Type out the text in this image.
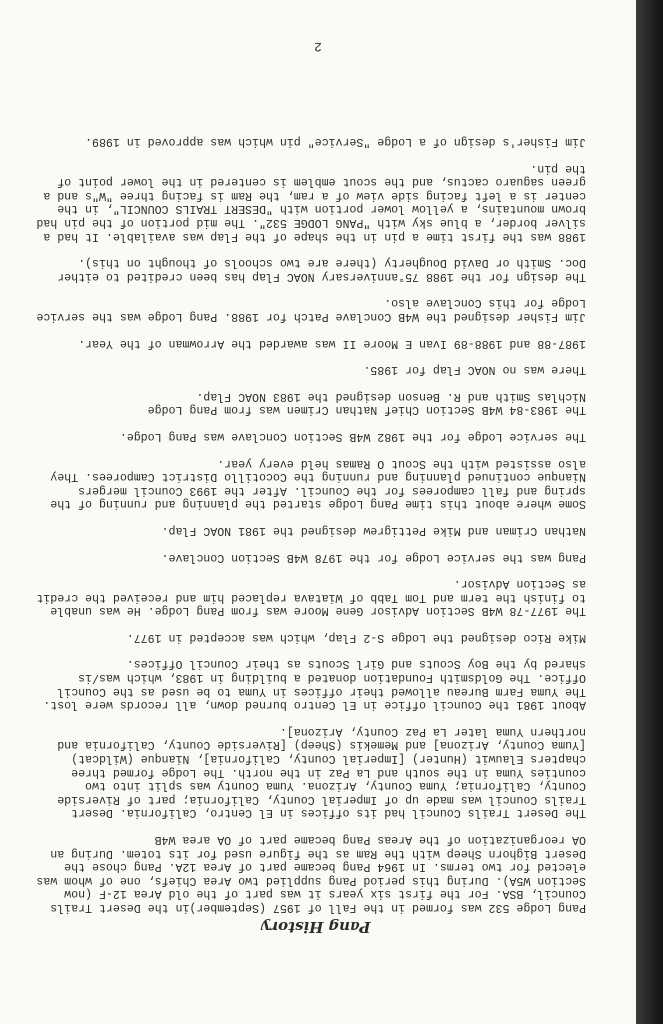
Pang History
Pang Lodge 532 was formed in the Fall of 1957 (September)in the Desert Trails
Council, BSA. For the first six years it was part of the old Area 12-F (now
Section W5A). During this period Pang supplied two Area Chiefs, one of whom was
elected for two terms. In 1964 Pang became part of Area 12A. Pang chose the
Desert Bighorn Sheep with the Ram as the figure used for its totem. During an
OA reorganization of the Areas Pang became part of OA area W4B
The Desert Trails Council had its offices in El Centro, California. Desert
Trails Council was made up of Imperial County, California; part of Riverside
County, California; Yuma County, Arizona. Yuma County was split into two
counties Yuma in the south and La Paz in the north. The Lodge formed three
chapters Elauwit (Hunter) [Imperial County, California], Nianque (Wildcat)
[Yuma County, Arizona] and Memekis (Sheep) [Riverside County, California and
northern Yuma later La Paz County, Arizona].
About 1981 the Council office in El Centro burned down, all records were lost.
The Yuma Farm Bureau allowed their offices in Yuma to be used as the Council
Office. The Goldsmith Foundation donated a building in 1983, which was/is
shared by the Boy Scouts and Girl Scouts as their Council Offices.
Mike Rico designed the Lodge S-2 Flap, which was accepted in 1977.
The 1977-78 W4B Section Advisor Gene Moore was from Pang Lodge. He was unable
to finish the term and Tom Tabb of Wiatava replaced him and received the credit
as Section Advisor.
Pang was the service Lodge for the 1978 W4B Section Conclave.
Nathan Criman and Mike Pettigrew designed the 1981 NOAC Flap.
Some where about this time Pang Lodge started the planning and running of the
spring and fall camporees for the Council. After the 1993 Council mergers
Nianque continued planning and running the Cocotillo District Camporees. They
also assisted with the Scout O Ramas held every year.
The service Lodge for the 1982 W4B Section Conclave was Pang Lodge.
The 1983-84 W4B Section Chief Nathan Crimen was from Pang Lodge
Nichlas Smith and R. Benson designed the 1983 NOAC Flap.
There was no NOAC Flap for 1985.
1987-88 and 1988-89 Ivan E Moore II was awarded the Arrowman of the Year.
Jim Fisher designed the W4B Conclave Patch for 1988. Pang Lodge was the service
Lodge for this Conclave also.
The design for the 1988 75°anniversary NOAC Flap has been credited to either
Doc. Smith or David Dougherty (there are two schools of thought on this).
1988 was the first time a pin in the shape of the Flap was available. It had a
silver border, a blue sky with "PANG LODGE 532". The mid portion of the pin had
brown mountains, a yellow lower portion with "DESERT TRAILS COUNCIL", in the
center is a left facing side view of a ram, the Ram is facing three "W"s and a
green saguaro cactus, and the scout emblem is centered in the lower point of
the pin.
Jim Fisher's design of a Lodge "Service" pin which was approved in 1989.
2
